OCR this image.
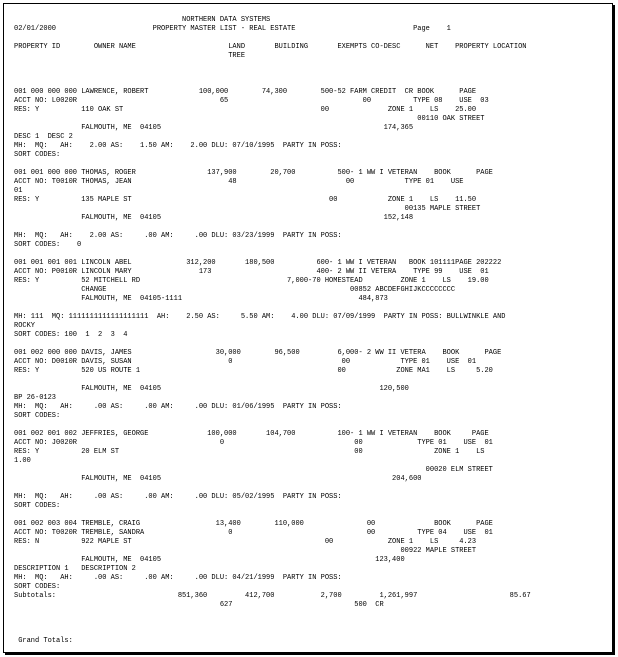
NORTHERN DATA SYSTEMS
02/01/2000                       PROPERTY MASTER LIST - REAL ESTATE                            Page    1
PROPERTY ID        OWNER NAME                      LAND       BUILDING       EXEMPTS CO-DESC      NET    PROPERTY LOCATION
TREE
001 000 000 000 LAWRENCE, ROBERT            100,000        74,300        500-52 FARM CREDIT  CR BOOK      PAGE
ACCT NO: L0020R                                  65                                00          TYPE 08    USE  03
RES: Y          110 OAK ST                                               00              ZONE 1    LS    25.00
00110 OAK STREET
FALMOUTH, ME  04105                                                     174,365
DESC 1  DESC 2
MH:  MQ:   AH:    2.00 AS:    1.50 AM:    2.00 DLU: 07/10/1995  PARTY IN POSS:
SORT CODES:
001 001 000 000 THOMAS, ROGER                 137,900        20,700          500- 1 WW I VETERAN    BOOK      PAGE
ACCT NO: T0010R THOMAS, JEAN                       48                          00            TYPE 01    USE
01
RES: Y          135 MAPLE ST                                               00            ZONE 1    LS    11.50
00135 MAPLE STREET
FALMOUTH, ME  04105                                                     152,148
MH:  MQ:   AH:    2.00 AS:     .00 AM:     .00 DLU: 03/23/1999  PARTY IN POSS:
SORT CODES:    0
001 001 001 001 LINCOLN ABEL             312,200       180,500          600- 1 WW I VETERAN   BOOK 101111PAGE 202222
ACCT NO: P0010R LINCOLN MARY                173                         400- 2 WW II VETERA    TYPE 99    USE  01
RES: Y          52 MITCHELL RD                                   7,000-70 HOMESTEAD         ZONE 1    LS    19.00
CHANGE                                                          00852 ABCDEFGHIJKCCCCCCCC
FALMOUTH, ME  04105-1111                                          484,873
MH: 111  MQ: 1111111111111111111  AH:    2.50 AS:     5.50 AM:    4.00 DLU: 07/09/1999  PARTY IN POSS: BULLWINKLE AND
ROCKY
SORT CODES: 100  1  2  3  4
001 002 000 000 DAVIS, JAMES                    30,000        96,500         6,000- 2 WW II VETERA    BOOK      PAGE
ACCT NO: D0010R DAVIS, SUSAN                       0                          00            TYPE 01    USE  01
RES: Y          520 US ROUTE 1                                               00            ZONE MA1    LS     5.20
FALMOUTH, ME  04105                                                    120,500
BP 26-0123
MH:  MQ:   AH:     .00 AS:     .00 AM:     .00 DLU: 01/06/1995  PARTY IN POSS:
SORT CODES:
001 002 001 002 JEFFRIES, GEORGE              100,000       104,700          100- 1 WW I VETERAN    BOOK     PAGE
ACCT NO: J0020R                                  0                               00             TYPE 01    USE  01
RES: Y          20 ELM ST                                                        00                 ZONE 1    LS
1.00
00020 ELM STREET
FALMOUTH, ME  04105                                                       204,600
MH:  MQ:   AH:     .00 AS:     .00 AM:     .00 DLU: 05/02/1995  PARTY IN POSS:
SORT CODES:
001 002 003 004 TREMBLE, CRAIG                  13,400        110,000               00              BOOK      PAGE
ACCT NO: T0020R TREMBLE, SANDRA                    0                                00          TYPE 04    USE  01
RES: N          922 MAPLE ST                                              00             ZONE 1    LS     4.23
00922 MAPLE STREET
FALMOUTH, ME  04105                                                   123,400
DESCRIPTION 1   DESCRIPTION 2
MH:  MQ:   AH:     .00 AS:     .00 AM:     .00 DLU: 04/21/1999  PARTY IN POSS:
SORT CODES:
Subtotals:                             851,360         412,700           2,700         1,261,997                      85.67
627                             500  CR
Grand Totals:
